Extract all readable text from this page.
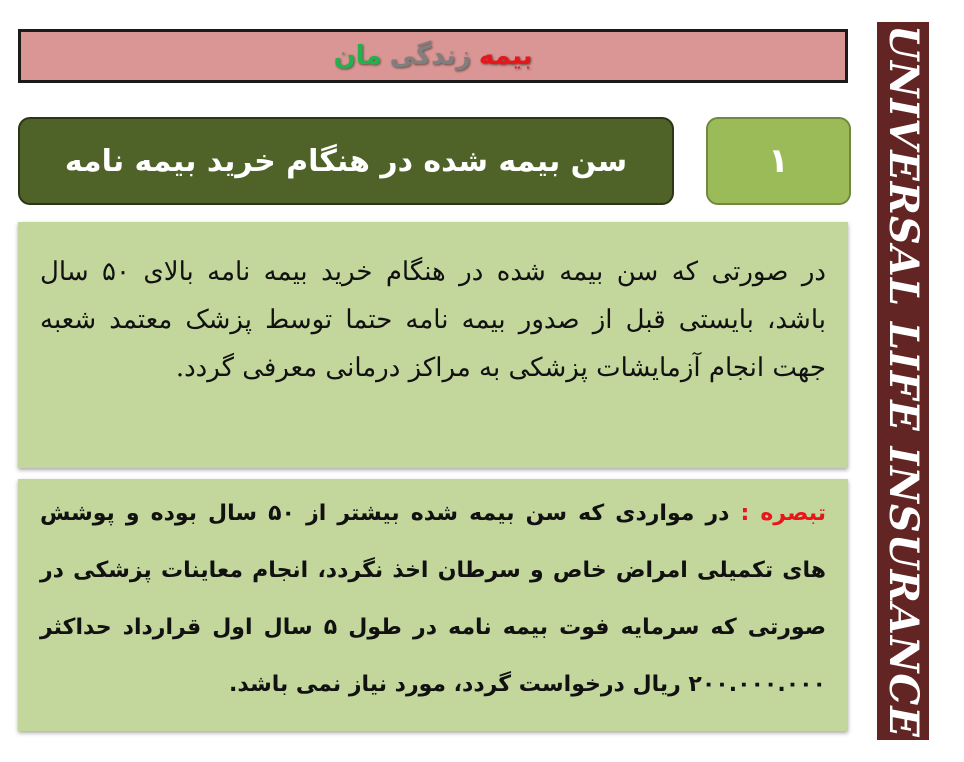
بیمه
زندگی
مان
سن بیمه شده در هنگام خرید بیمه نامه	۱
در صورتی که سن بیمه شده در هنگام خرید بیمه نامه بالای ۵۰ سال باشد، بایستی قبل از صدور بیمه نامه حتما توسط پزشک معتمد شعبه جهت انجام آزمایشات پزشکی به مراکز درمانی معرفی گردد.
تبصره : در مواردی که سن بیمه شده بیشتر از ۵۰ سال بوده و پوشش های تکمیلی امراض خاص و سرطان اخذ نگردد، انجام معاینات پزشکی در صورتی که سرمایه فوت بیمه نامه در طول ۵ سال اول قرارداد حداکثر ۲۰۰.۰۰۰.۰۰۰ ریال درخواست گردد، مورد نیاز نمی باشد.	UNIVERSAL LIFE INSURANCE
